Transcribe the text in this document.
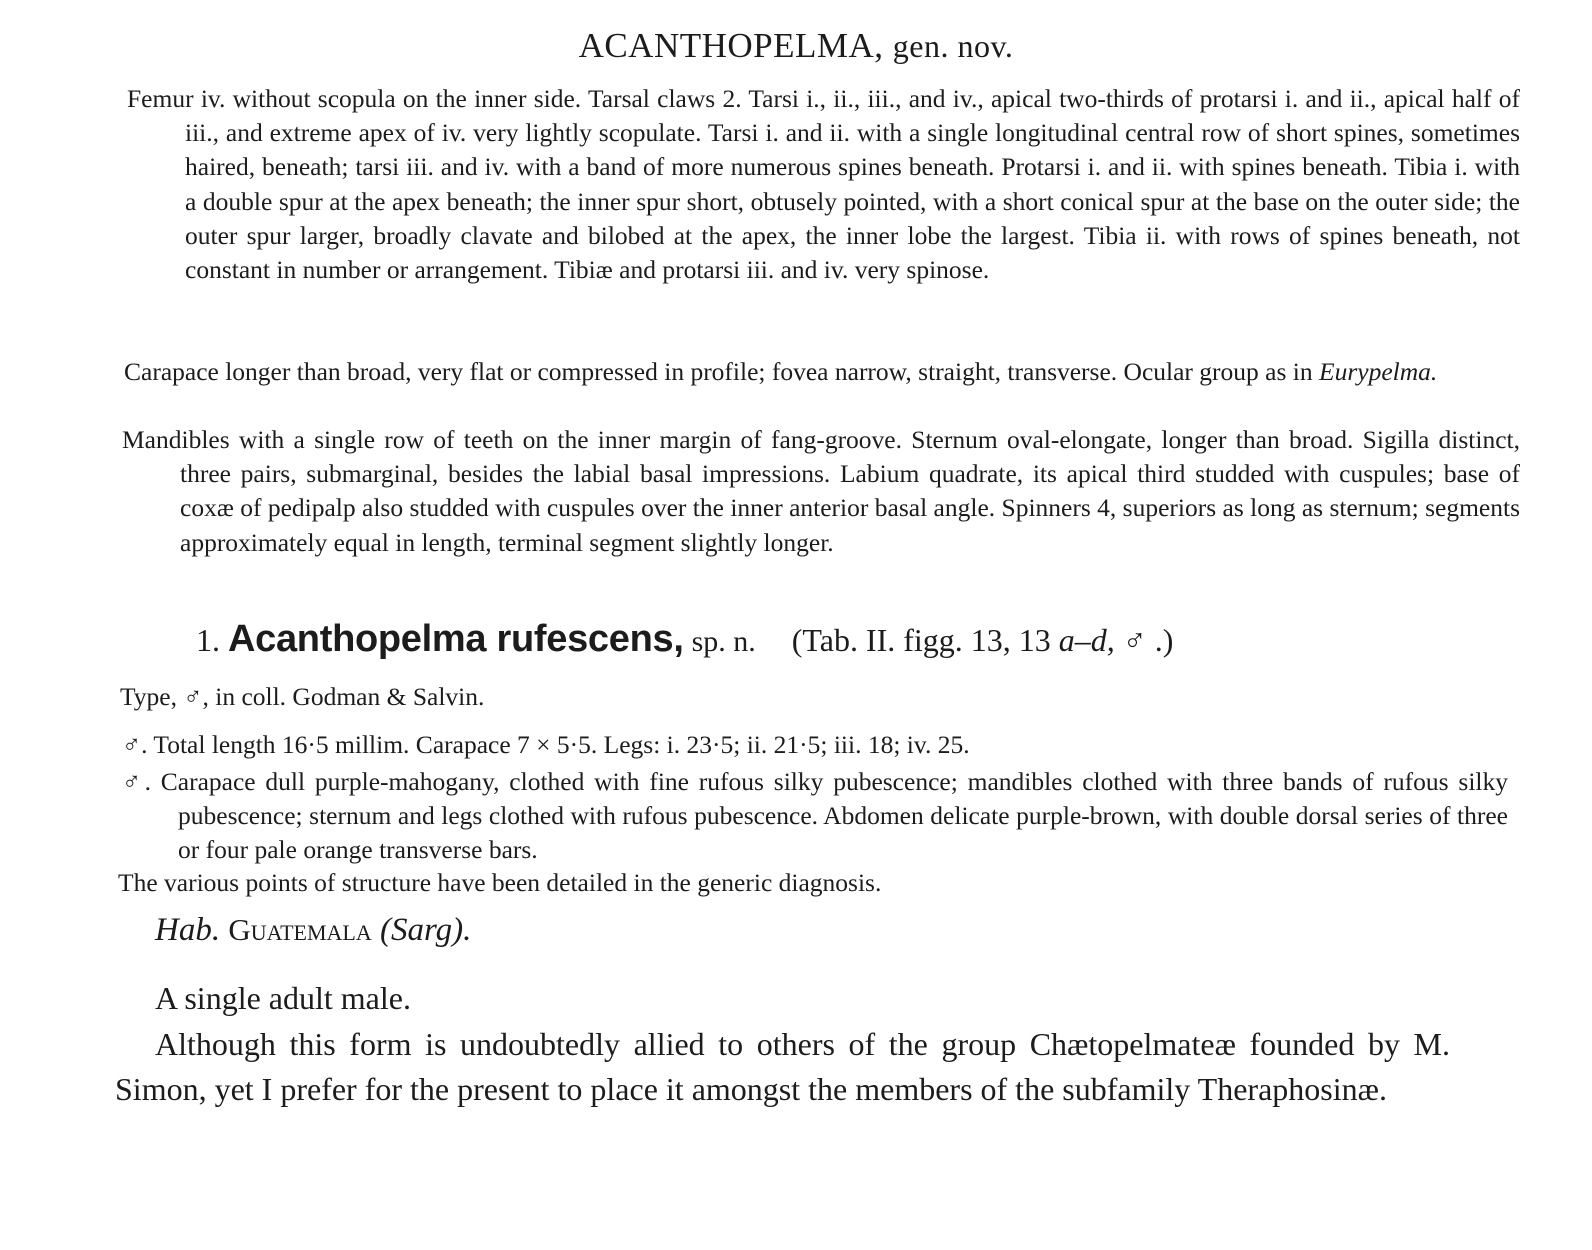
ACANTHOPELMA, gen. nov.
Femur iv. without scopula on the inner side. Tarsal claws 2. Tarsi i., ii., iii., and iv., apical two-thirds of protarsi i. and ii., apical half of iii., and extreme apex of iv. very lightly scopulate. Tarsi i. and ii. with a single longitudinal central row of short spines, sometimes haired, beneath; tarsi iii. and iv. with a band of more numerous spines beneath. Protarsi i. and ii. with spines beneath. Tibia i. with a double spur at the apex beneath; the inner spur short, obtusely pointed, with a short conical spur at the base on the outer side; the outer spur larger, broadly clavate and bilobed at the apex, the inner lobe the largest. Tibia ii. with rows of spines beneath, not constant in number or arrangement. Tibiæ and protarsi iii. and iv. very spinose.
Carapace longer than broad, very flat or compressed in profile; fovea narrow, straight, transverse. Ocular group as in Eurypelma.
Mandibles with a single row of teeth on the inner margin of fang-groove. Sternum oval-elongate, longer than broad. Sigilla distinct, three pairs, submarginal, besides the labial basal impressions. Labium quadrate, its apical third studded with cuspules; base of coxæ of pedipalp also studded with cuspules over the inner anterior basal angle. Spinners 4, superiors as long as sternum; segments approximately equal in length, terminal segment slightly longer.
1. Acanthopelma rufescens, sp. n. (Tab. II. figg. 13, 13 a–d, ♂ .)
Type, ♂, in coll. Godman & Salvin.
♂. Total length 16·5 millim. Carapace 7 × 5·5. Legs: i. 23·5; ii. 21·5; iii. 18; iv. 25.
♂. Carapace dull purple-mahogany, clothed with fine rufous silky pubescence; mandibles clothed with three bands of rufous silky pubescence; sternum and legs clothed with rufous pubescence. Abdomen delicate purple-brown, with double dorsal series of three or four pale orange transverse bars.
The various points of structure have been detailed in the generic diagnosis.
Hab. Guatemala (Sarg).
A single adult male.
Although this form is undoubtedly allied to others of the group Chætopelmateæ founded by M. Simon, yet I prefer for the present to place it amongst the members of the subfamily Theraphosinæ.
